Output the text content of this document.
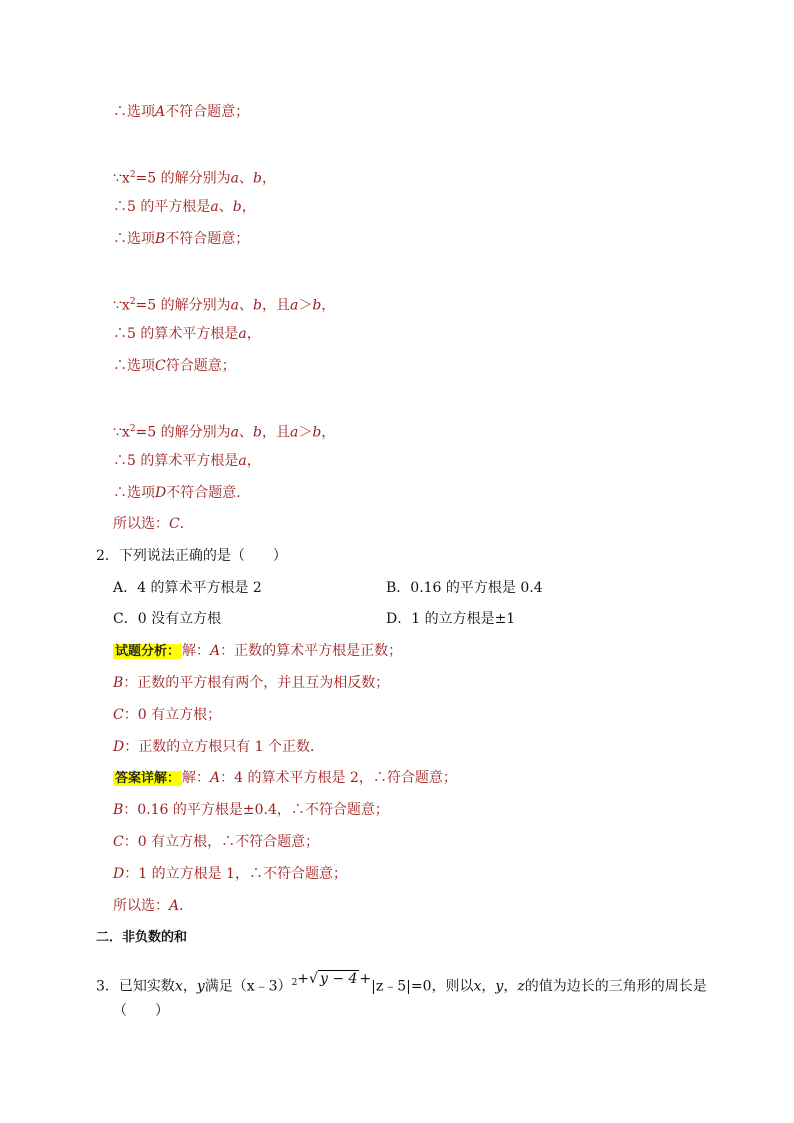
∴选项A不符合题意；
$\because x^2=5$ 的解分别为a、b，
∴5 的平方根是a、b，
∴选项B不符合题意；
$\because x^2=5$ 的解分别为a、b，且a＞b，
∴5 的算术平方根是a，
∴选项C符合题意；
$\because x^2=5$ 的解分别为a、b，且a＞b，
∴5 的算术平方根是a，
∴选项D不符合题意．
所以选：C．
2．下列说法正确的是（　　）
A．4 的算术平方根是 2	B．0.16 的平方根是 0.4
C．0 没有立方根	D．1 的立方根是±1
试题分析： 解：A：正数的算术平方根是正数；
B：正数的平方根有两个，并且互为相反数；
C：0 有立方根；
D：正数的立方根只有 1 个正数．
答案详解： 解：A：4 的算术平方根是 2，∴符合题意；
B：0.16 的平方根是±0.4，∴不符合题意；
C：0 有立方根，∴不符合题意；
D：1 的立方根是 1，∴不符合题意；
所以选：A．
二．非负数的和
3．已知实数x，y满足（x﹣3）$^2$+√ y − 4 +|z﹣5|=0，则以x，y，z的值为边长的三角形的周长是
（　　）
